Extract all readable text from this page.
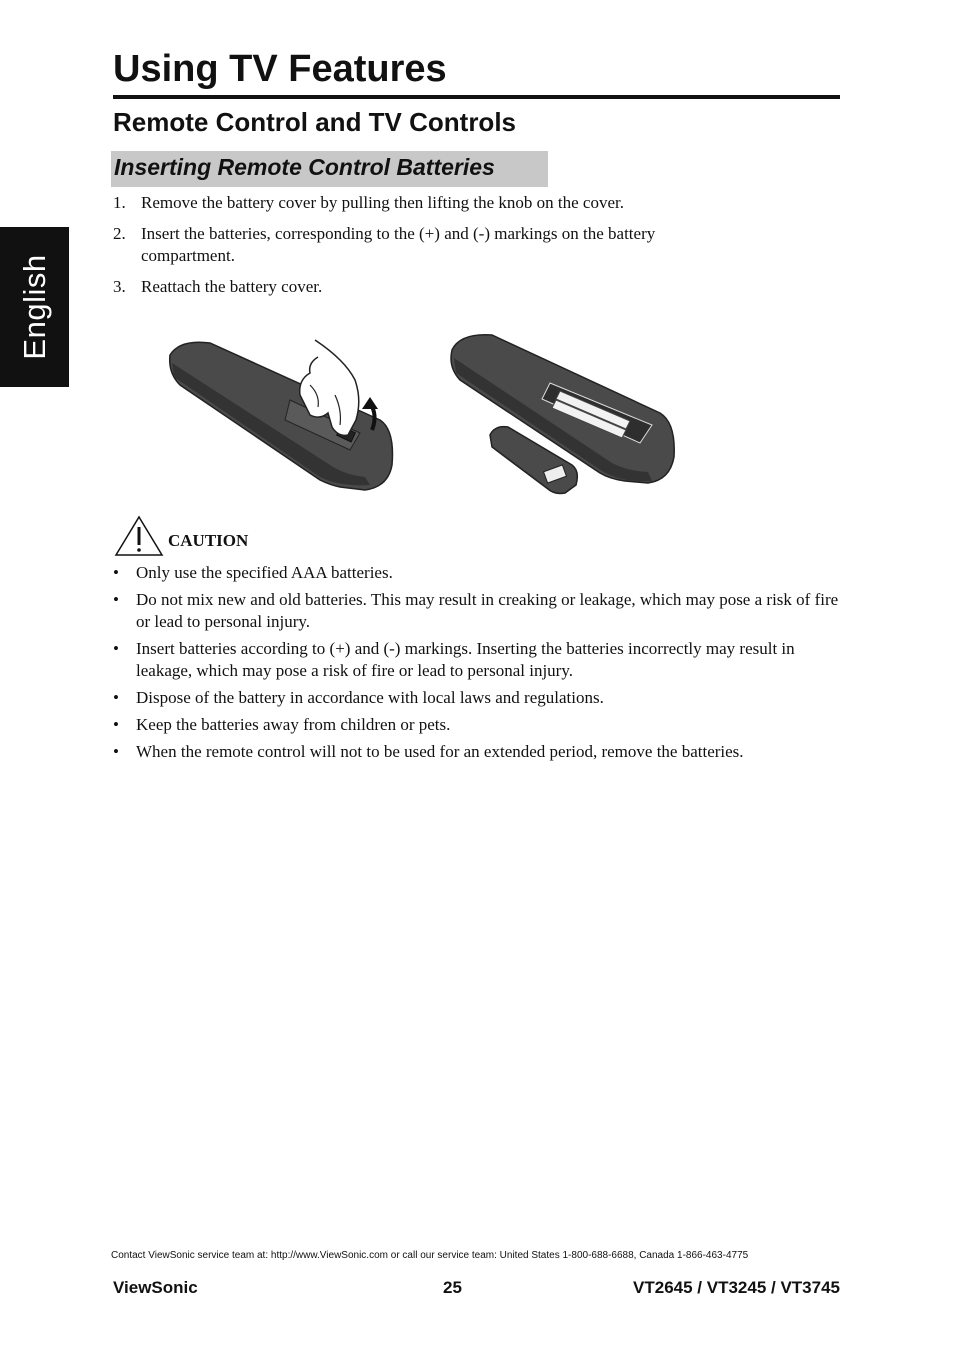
Using TV Features
Remote Control and TV Controls
Inserting Remote Control Batteries
English
1. Remove the battery cover by pulling then lifting the knob on the cover.
2. Insert the batteries, corresponding to the (+) and (-) markings on the battery compartment.
3. Reattach the battery cover.
CAUTION
• Only use the specified AAA batteries.
• Do not mix new and old batteries. This may result in creaking or leakage, which may pose a risk of fire or lead to personal injury.
• Insert batteries according to (+) and (-) markings. Inserting the batteries incorrectly may result in leakage, which may pose a risk of fire or lead to personal injury.
• Dispose of the battery in accordance with local laws and regulations.
• Keep the batteries away from children or pets.
• When the remote control will not to be used for an extended period, remove the batteries.
Contact ViewSonic service team at: http://www.ViewSonic.com or call our service team: United States 1-800-688-6688, Canada 1-866-463-4775
ViewSonic	25	VT2645 / VT3245 / VT3745
